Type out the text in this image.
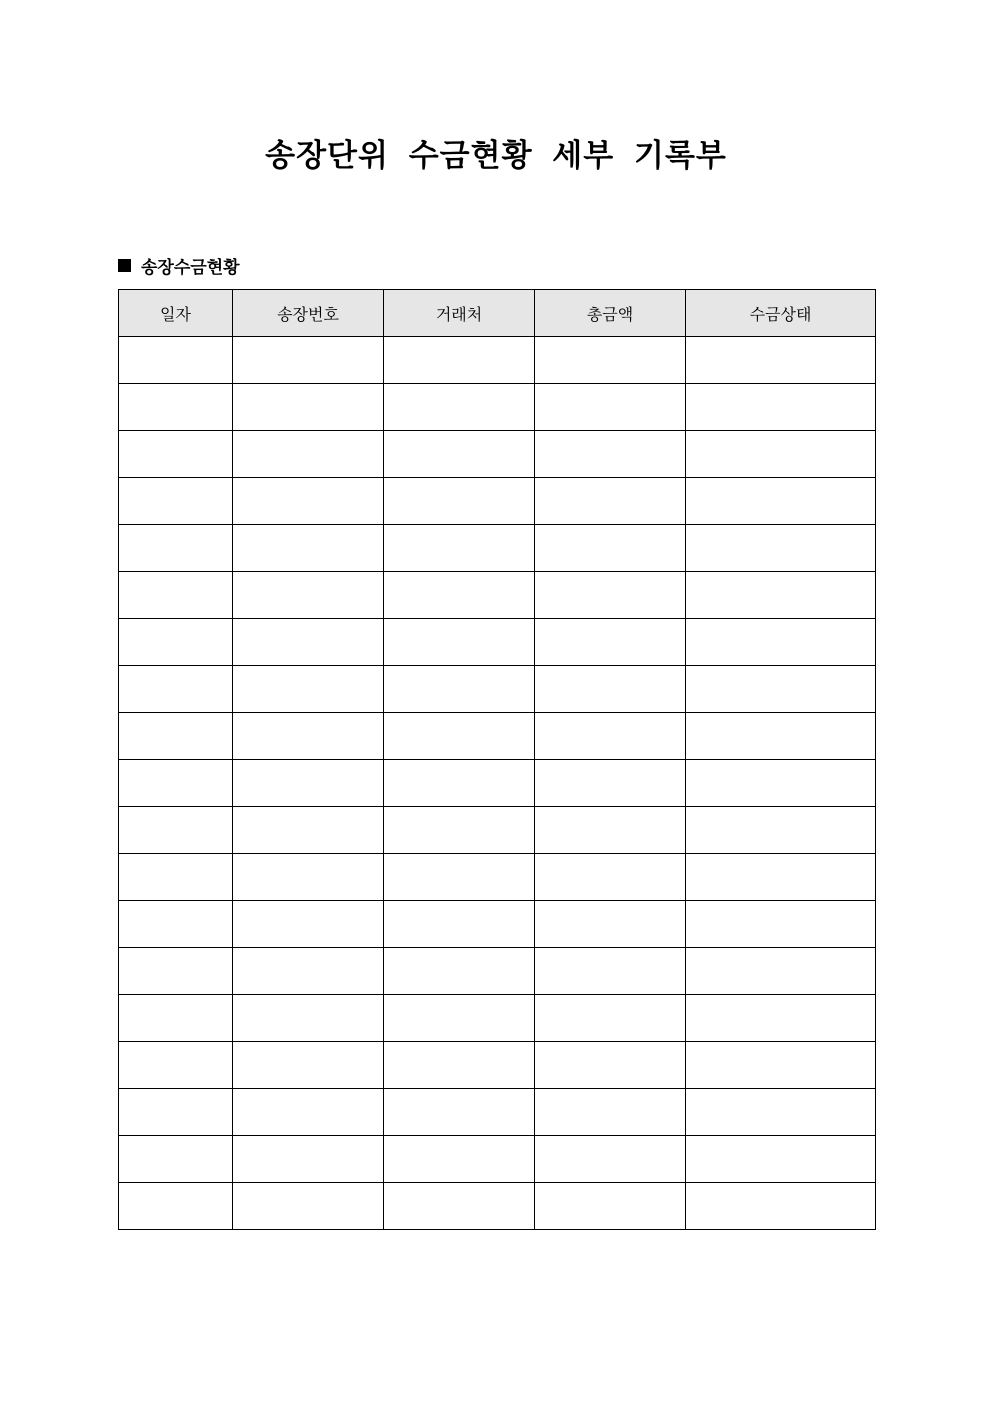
송장단위 수금현황 세부 기록부
송장수금현황
일자	송장번호	거래처	총금액	수금상태
